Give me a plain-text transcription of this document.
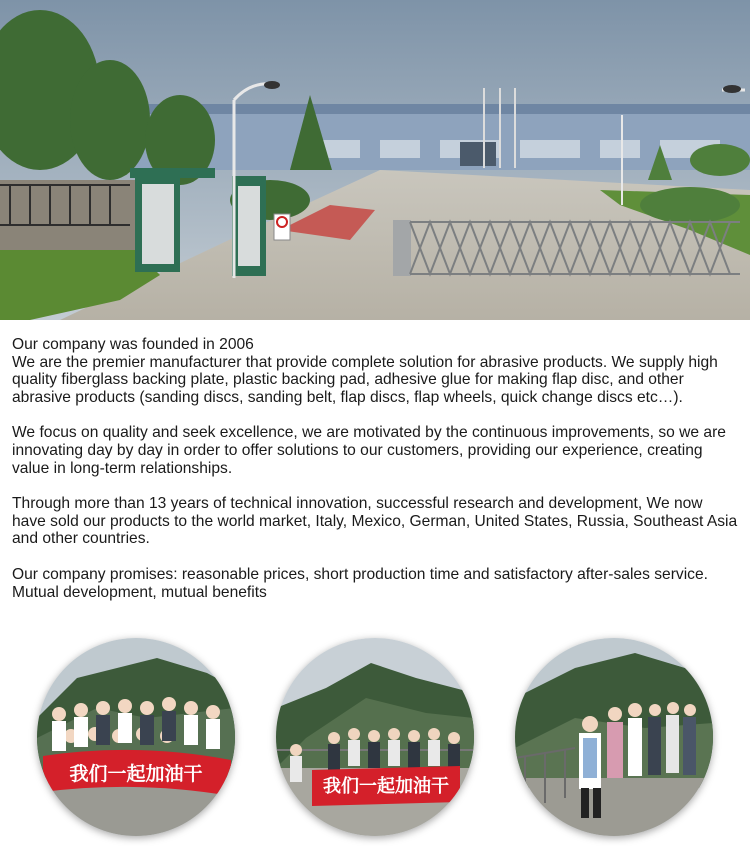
Our company was founded in 2006
We are the premier manufacturer that provide complete solution for abrasive products. We supply high quality fiberglass backing plate, plastic backing pad, adhesive glue for making flap disc, and other abrasive products (sanding discs, sanding belt, flap discs, flap wheels, quick change discs etc…).

We focus on quality and seek excellence, we are motivated by the continuous improvements, so we are innovating day by day in order to offer solutions to our customers, providing our experience, creating value in long-term relationships.

Through more than 13 years of technical innovation, successful research and development, We now have sold our products to the world market, Italy, Mexico, German, United States, Russia, Southeast Asia and other countries.

Our company promises: reasonable prices, short production time and satisfactory after-sales service. Mutual development, mutual benefits

我们一起加油干
我们一起加油干
